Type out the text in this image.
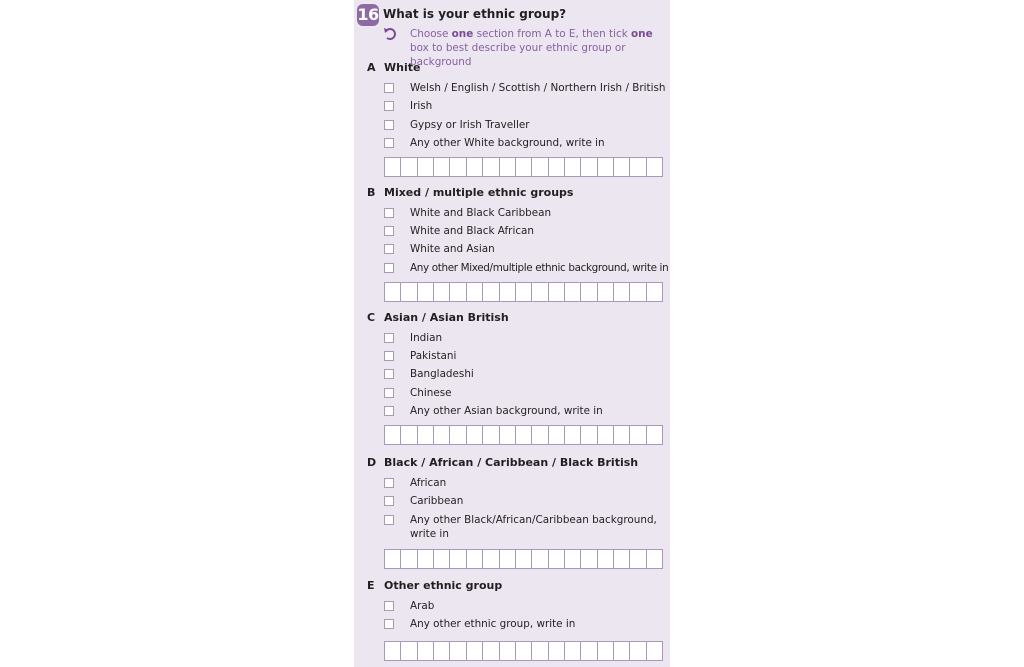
16 What is your ethnic group?
Choose one section from A to E, then tick one box to best describe your ethnic group or background
A White
Welsh / English / Scottish / Northern Irish / British
Irish
Gypsy or Irish Traveller
Any other White background, write in
B Mixed / multiple ethnic groups
White and Black Caribbean
White and Black African
White and Asian
Any other Mixed/multiple ethnic background, write in
C Asian / Asian British
Indian
Pakistani
Bangladeshi
Chinese
Any other Asian background, write in
D Black / African / Caribbean / Black British
African
Caribbean
Any other Black/African/Caribbean background, write in
E Other ethnic group
Arab
Any other ethnic group, write in
